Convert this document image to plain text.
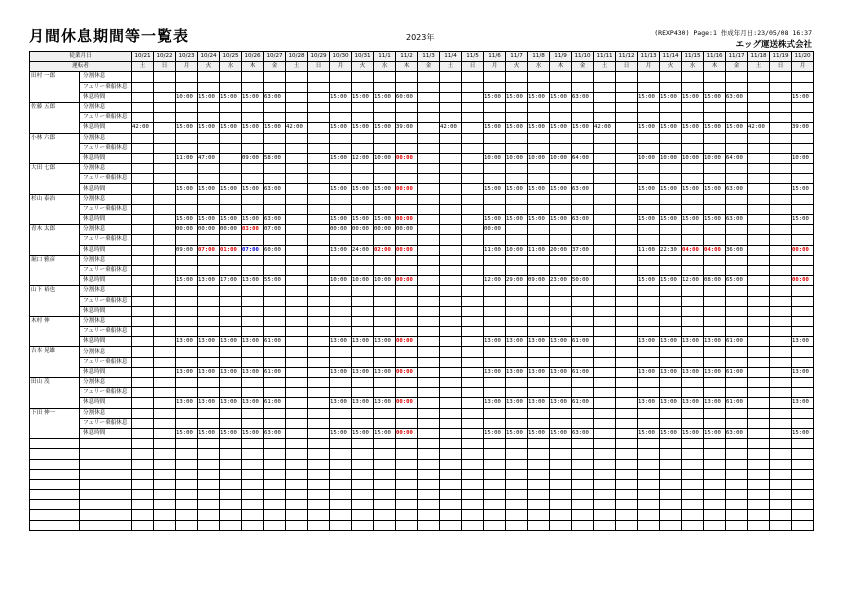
月間休息期間等一覧表	2023年	(REXP430) Page:1 作成年月日:23/05/08 16:37
エッグ運送株式会社
従業月日		10/21	10/22	10/23	10/24	10/25	10/26	10/27	10/28	10/29	10/30	10/31	11/1	11/2	11/3	11/4	11/5	11/6	11/7	11/8	11/9	11/10	11/11	11/12	11/13	11/14	11/15	11/16	11/17	11/18	11/19	11/20
運転者		土	日	月	火	水	木	金	土	日	月	火	水	木	金	土	日	月	火	水	木	金	土	日	月	火	水	木	金	土	日	月
田村 一郎	分割休息																															
	フェリー乗船休息																															
	休息時間			10:00	15:00	15:00	15:00	63:00			15:00	15:00	15:00	60:00				15:00	15:00	15:00	15:00	63:00			15:00	15:00	15:00	15:00	63:00			15:00
佐藤 五郎	分割休息																															
	フェリー乗船休息																															
	休息時間	42:00		15:00	15:00	15:00	15:00	15:00	42:00		15:00	15:00	15:00	39:00		42:00		15:00	15:00	15:00	15:00	15:00	42:00		15:00	15:00	15:00	15:00	15:00	42:00		39:00
小林 六郎	分割休息																															
	フェリー乗船休息																															
	休息時間			11:00	47:00		09:00	58:00			15:00	12:00	10:00	00:00				10:00	10:00	10:00	10:00	64:00			10:00	10:00	10:00	10:00	64:00			10:00
大田 七郎	分割休息																															
	フェリー乗船休息																															
	休息時間			15:00	15:00	15:00	15:00	63:00			15:00	15:00	15:00	00:00				15:00	15:00	15:00	15:00	63:00			15:00	15:00	15:00	15:00	63:00			15:00
杉山 泰治	分割休息																															
	フェリー乗船休息																															
	休息時間			15:00	15:00	15:00	15:00	63:00			15:00	15:00	15:00	00:00				15:00	15:00	15:00	15:00	63:00			15:00	15:00	15:00	15:00	63:00			15:00
青木 太郎	分割休息			00:00	00:00	00:00	03:00	07:00			00:00	00:00	00:00	00:00				00:00														
	フェリー乗船休息																															
	休息時間			09:00	07:00	01:00	07:00	60:00			13:00	24:00	02:00	00:00				11:00	10:00	11:00	20:00	37:00			11:00	22:30	04:00	04:00	36:00			00:00
堀口 雅彦	分割休息																															
	フェリー乗船休息																															
	休息時間			15:00	13:00	17:00	13:00	55:00			10:00	10:00	10:00	00:00				12:00	29:00	09:00	23:00	50:00			15:00	15:00	12:00	08:00	65:00			00:00
山下 裕也	分割休息																															
	フェリー乗船休息																															
	休息時間																															
木村 伸	分割休息																															
	フェリー乗船休息																															
	休息時間			13:00	13:00	13:00	13:00	61:00			13:00	13:00	13:00	00:00				13:00	13:00	13:00	13:00	61:00			13:00	13:00	13:00	13:00	61:00			13:00
吉本 晃雄	分割休息																															
	フェリー乗船休息																															
	休息時間			13:00	13:00	13:00	13:00	61:00			13:00	13:00	13:00	00:00				13:00	13:00	13:00	13:00	61:00			13:00	13:00	13:00	13:00	61:00			13:00
田山 茂	分割休息																															
	フェリー乗船休息																															
	休息時間			13:00	13:00	13:00	13:00	61:00			13:00	13:00	13:00	00:00				13:00	13:00	13:00	13:00	61:00			13:00	13:00	13:00	13:00	61:00			13:00
下田 伸一	分割休息																															
	フェリー乗船休息																															
	休息時間			15:00	15:00	15:00	15:00	63:00			15:00	15:00	15:00	00:00				15:00	15:00	15:00	15:00	63:00			15:00	15:00	15:00	15:00	63:00			15:00
